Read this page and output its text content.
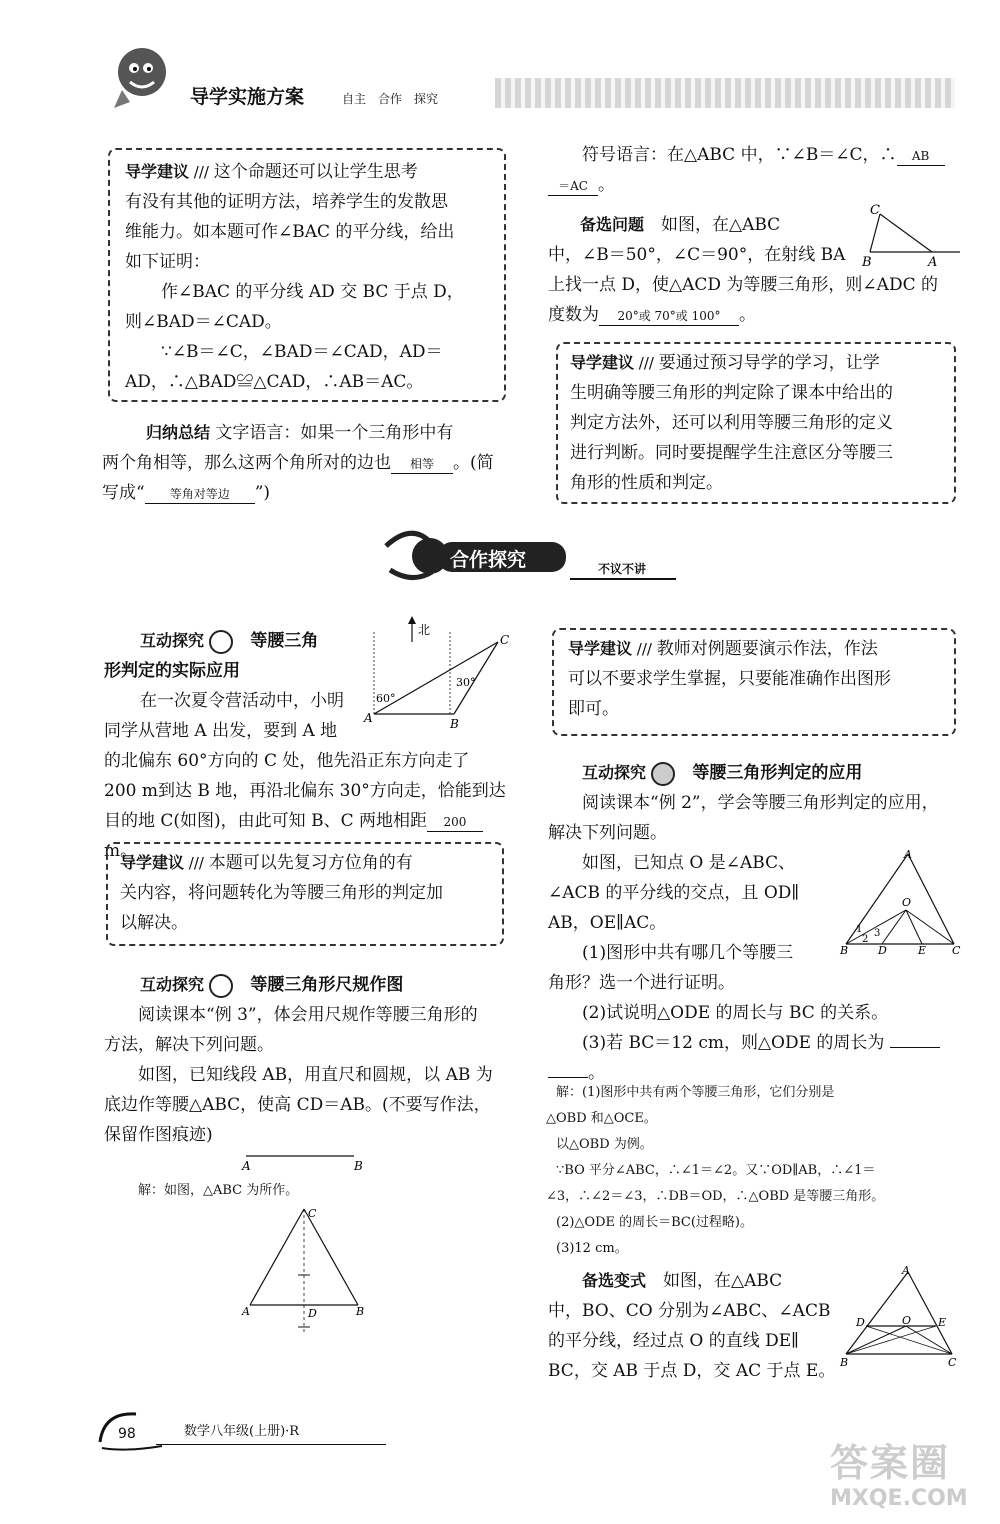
导学实施方案	自主　合作　探究

导学建议 /// 这个命题还可以让学生思考

有没有其他的证明方法，培养学生的发散思

维能力。如本题可作∠BAC 的平分线，给出

如下证明：

作∠BAC 的平分线 AD 交 BC 于点 D，

则∠BAD＝∠CAD。

∵∠B＝∠C，∠BAD＝∠CAD，AD＝

AD，∴△BAD≌△CAD，∴AB＝AC。

归纳总结 文字语言：如果一个三角形中有

两个角相等，那么这两个角所对的边也 相等 。(简

写成“ 等角对等边 ”)

符号语言：在△ABC 中，∵∠B＝∠C，∴ AB

＝AC 。

备选问题　 如图，在△ABC

中，∠B＝50°，∠C＝90°，在射线 BA

上找一点 D，使△ACD 为等腰三角形，则∠ADC 的

度数为 20°或 70°或 100° 。

C
B	A

导学建议 /// 要通过预习导学的学习，让学

生明确等腰三角形的判定除了课本中给出的

判定方法外，还可以利用等腰三角形的定义

进行判断。同时要提醒学生注意区分等腰三

角形的性质和判定。

合作探究	不议不讲

互动探究 　	等腰三角

形判定的实际应用

在一次夏令营活动中，小明

同学从营地 A 出发，要到 A 地

的北偏东 60°方向的 C 处，他先沿正东方向走了

200 m到达 B 地，再沿北偏东 30°方向走，恰能到达

目的地 C(如图)，由此可知 B、C 两地相距 200m。

北
C
60°
30°
A	B

导学建议 /// 本题可以先复习方位角的有

关内容，将问题转化为等腰三角形的判定加

以解决。

互动探究 　	等腰三角形尺规作图

阅读课本“例 3”，体会用尺规作等腰三角形的

方法，解决下列问题。

如图，已知线段 AB，用直尺和圆规，以 AB 为

底边作等腰△ABC，使高 CD＝AB。(不要写作法，

保留作图痕迹)

A	B
解：如图，△ABC 为所作。
C
A	D	B

导学建议 /// 教师对例题要演示作法，作法

可以不要求学生掌握，只要能准确作出图形

即可。

互动探究 　	等腰三角形判定的应用

阅读课本“例 2”，学会等腰三角形判定的应用，

解决下列问题。

如图，已知点 O 是∠ABC、

∠ACB 的平分线的交点，且 OD∥

AB，OE∥AC。

(1)图形中共有哪几个等腰三

角形？选一个进行证明。

(2)试说明△ODE 的周长与 BC 的关系。

(3)若 BC＝12 cm，则△ODE 的周长为

。

A
O
1
2
3
B	D	E C

解：(1)图形中共有两个等腰三角形，它们分别是

△OBD 和△OCE。

以△OBD 为例。

∵BO 平分∠ABC，∴∠1＝∠2。又∵OD∥AB，∴∠1＝

∠3，∴∠2＝∠3，∴DB＝OD，∴△OBD 是等腰三角形。

(2)△ODE 的周长＝BC(过程略)。

(3)12 cm。

备选变式　 如图，在△ABC

中，BO、CO 分别为∠ABC、∠ACB

的平分线，经过点 O 的直线 DE∥

BC，交 AB 于点 D，交 AC 于点 E。

A
D	O E
B	C
98	数学八年级(上册)·R
答案圈
MXQE.COM
